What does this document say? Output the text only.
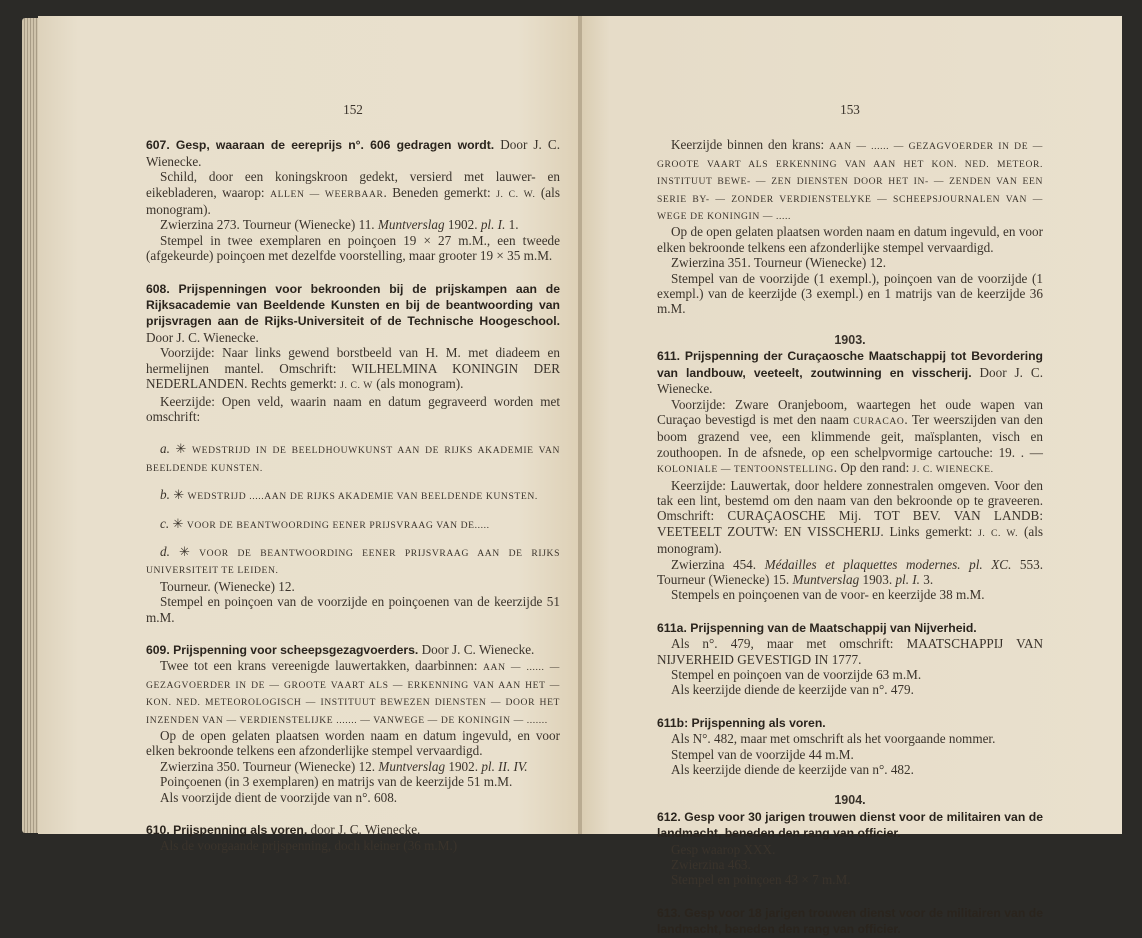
152

607. Gesp, waaraan de eereprijs n°. 606 gedragen wordt. Door J. C. Wienecke.

Schild, door een koningskroon gedekt, versierd met lauwer- en eikebladeren, waarop: ALLEN — WEERBAAR. Beneden gemerkt: J. C. W. (als monogram).

Zwierzina 273. Tourneur (Wienecke) 11. Muntverslag 1902. pl. I. 1.

Stempel in twee exemplaren en poinçoen 19 × 27 m.M., een tweede (afgekeurde) poinçoen met dezelfde voorstelling, maar grooter 19 × 35 m.M.

608. Prijspenningen voor bekroonden bij de prijskampen aan de Rijksacademie van Beeldende Kunsten en bij de beantwoording van prijsvragen aan de Rijks-Universiteit of de Technische Hoogeschool. Door J. C. Wienecke.

Voorzijde: Naar links gewend borstbeeld van H. M. met diadeem en hermelijnen mantel. Omschrift: WILHELMINA KONINGIN DER NEDERLANDEN. Rechts gemerkt: J. C. W (als monogram).

Keerzijde: Open veld, waarin naam en datum gegraveerd worden met omschrift:

a. ✳ WEDSTRIJD IN DE BEELDHOUWKUNST AAN DE RIJKS AKADEMIE VAN BEELDENDE KUNSTEN.

b. ✳ WEDSTRIJD .....AAN DE RIJKS AKADEMIE VAN BEELDENDE KUNSTEN.

c. ✳ VOOR DE BEANTWOORDING EENER PRIJSVRAAG VAN DE.....

d. ✳ VOOR DE BEANTWOORDING EENER PRIJSVRAAG AAN DE RIJKS UNIVERSITEIT TE LEIDEN.

Tourneur. (Wienecke) 12.

Stempel en poinçoen van de voorzijde en poinçoenen van de keerzijde 51 m.M.

609. Prijspenning voor scheepsgezagvoerders. Door J. C. Wienecke.

Twee tot een krans vereenigde lauwertakken, daarbinnen: AAN — ...... — GEZAGVOERDER IN DE — GROOTE VAART ALS — ERKENNING VAN AAN HET — KON. NED. METEOROLOGISCH — INSTITUUT BEWEZEN DIENSTEN — DOOR HET INZENDEN VAN — VERDIENSTELIJKE ....... — VANWEGE — DE KONINGIN — .......

Op de open gelaten plaatsen worden naam en datum ingevuld, en voor elken bekroonde telkens een afzonderlijke stempel vervaardigd.

Zwierzina 350. Tourneur (Wienecke) 12. Muntverslag 1902. pl. II. IV.

Poinçoenen (in 3 exemplaren) en matrijs van de keerzijde 51 m.M.

Als voorzijde dient de voorzijde van n°. 608.

610. Prijspenning als voren, door J. C. Wienecke.

Als de voorgaande prijspenning, doch kleiner (36 m.M.)

153

Keerzijde binnen den krans: AAN — ...... — GEZAGVOERDER IN DE — GROOTE VAART ALS ERKENNING VAN AAN HET KON. NED. METEOR. INSTITUUT BEWE- — ZEN DIENSTEN DOOR HET IN- — ZENDEN VAN EEN SERIE BY- — ZONDER VERDIENSTELYKE — SCHEEPSJOURNALEN VAN — WEGE DE KONINGIN — .....

Op de open gelaten plaatsen worden naam en datum ingevuld, en voor elken bekroonde telkens een afzonderlijke stempel vervaardigd.

Zwierzina 351. Tourneur (Wienecke) 12.

Stempel van de voorzijde (1 exempl.), poinçoen van de voorzijde (1 exempl.) van de keerzijde (3 exempl.) en 1 matrijs van de keerzijde 36 m.M.

1903.

611. Prijspenning der Curaçaosche Maatschappij tot Bevordering van landbouw, veeteelt, zoutwinning en visscherij. Door J. C. Wienecke.

Voorzijde: Zware Oranjeboom, waartegen het oude wapen van Curaçao bevestigd is met den naam CURACAO. Ter weerszijden van den boom grazend vee, een klimmende geit, maïsplanten, visch en zouthoopen. In de afsnede, op een schelpvormige cartouche: 19. . — KOLONIALE — TENTOONSTELLING. Op den rand: J. C. WIENECKE.

Keerzijde: Lauwertak, door heldere zonnestralen omgeven. Voor den tak een lint, bestemd om den naam van den bekroonde op te graveeren. Omschrift: CURAÇAOSCHE Mij. TOT BEV. VAN LANDB: VEETEELT ZOUTW: EN VISSCHERIJ. Links gemerkt: J. C. W. (als monogram).

Zwierzina 454. Médailles et plaquettes modernes. pl. XC. 553. Tourneur (Wienecke) 15. Muntverslag 1903. pl. I. 3.

Stempels en poinçoenen van de voor- en keerzijde 38 m.M.

611a. Prijspenning van de Maatschappij van Nijverheid.

Als n°. 479, maar met omschrift: MAATSCHAPPIJ VAN NIJVERHEID GEVESTIGD IN 1777.

Stempel en poinçoen van de voorzijde 63 m.M.

Als keerzijde diende de keerzijde van n°. 479.

611b: Prijspenning als voren.

Als N°. 482, maar met omschrift als het voorgaande nommer.

Stempel van de voorzijde 44 m.M.

Als keerzijde diende de keerzijde van n°. 482.

1904.

612. Gesp voor 30 jarigen trouwen dienst voor de militairen van de landmacht, beneden den rang van officier.

Gesp waarop XXX.

Zwierzina 463.

Stempel en poinçoen 43 × 7 m.M.

613. Gesp voor 18 jarigen trouwen dienst voor de militairen van de landmacht, beneden den rang van officier.
